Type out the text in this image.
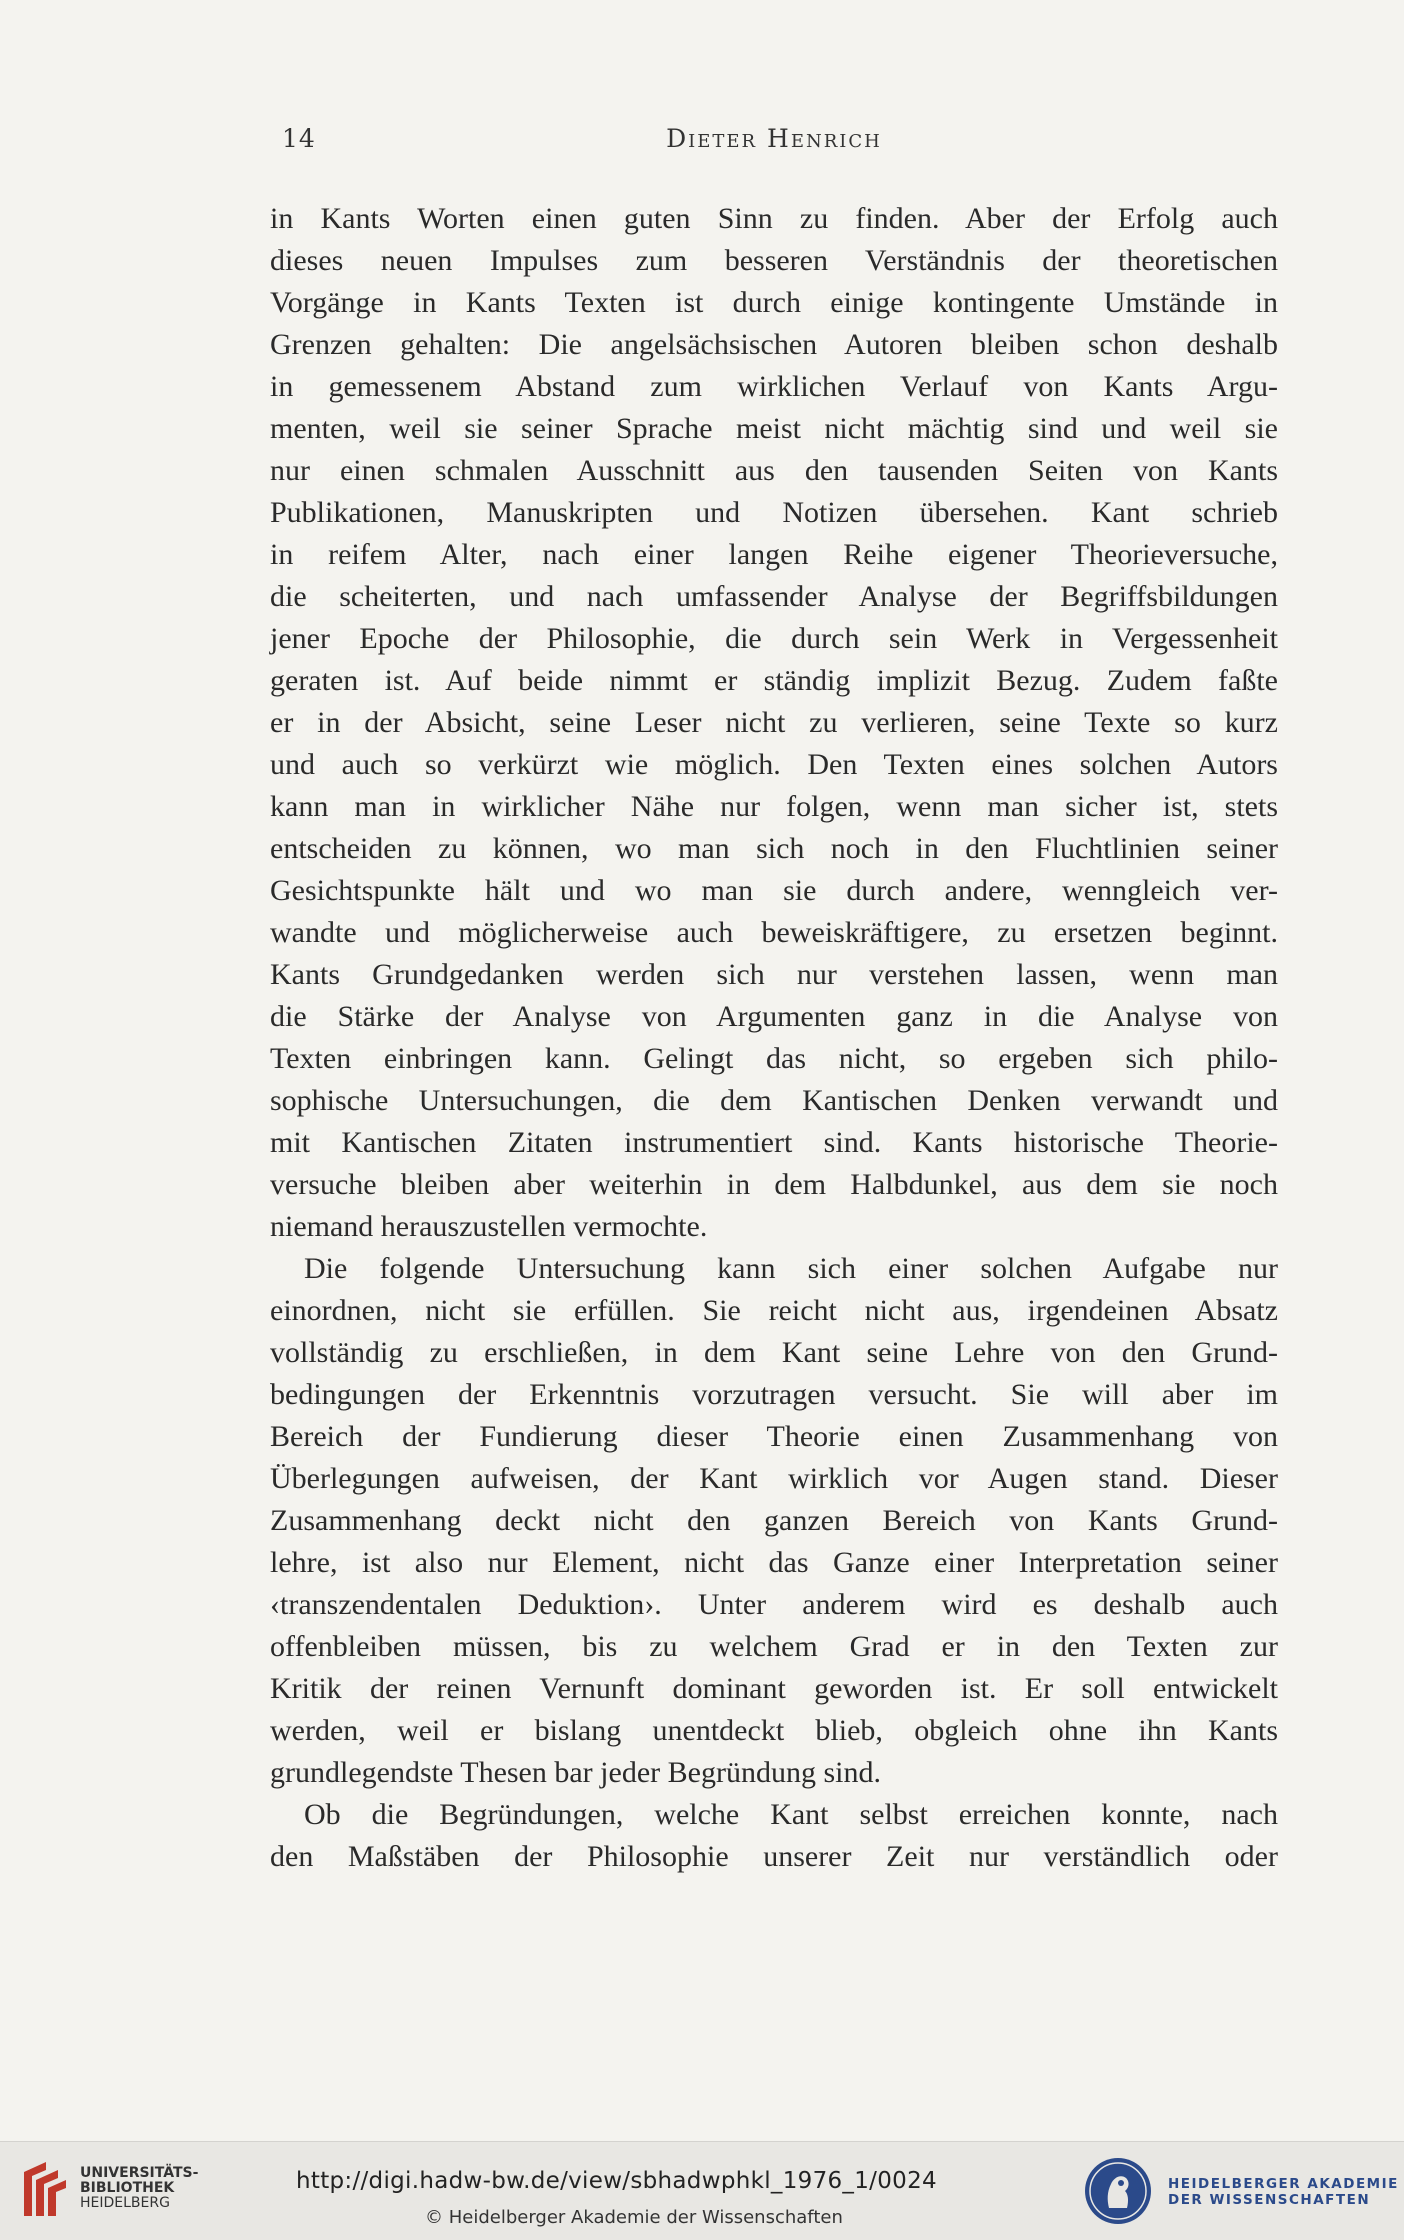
14	Dieter Henrich
in Kants Worten einen guten Sinn zu finden. Aber der Erfolg auch
dieses neuen Impulses zum besseren Verständnis der theoretischen
Vorgänge in Kants Texten ist durch einige kontingente Umstände in
Grenzen gehalten: Die angelsächsischen Autoren bleiben schon deshalb
in gemessenem Abstand zum wirklichen Verlauf von Kants Argu-
menten, weil sie seiner Sprache meist nicht mächtig sind und weil sie
nur einen schmalen Ausschnitt aus den tausenden Seiten von Kants
Publikationen, Manuskripten und Notizen übersehen. Kant schrieb
in reifem Alter, nach einer langen Reihe eigener Theorieversuche,
die scheiterten, und nach umfassender Analyse der Begriffsbildungen
jener Epoche der Philosophie, die durch sein Werk in Vergessenheit
geraten ist. Auf beide nimmt er ständig implizit Bezug. Zudem faßte
er in der Absicht, seine Leser nicht zu verlieren, seine Texte so kurz
und auch so verkürzt wie möglich. Den Texten eines solchen Autors
kann man in wirklicher Nähe nur folgen, wenn man sicher ist, stets
entscheiden zu können, wo man sich noch in den Fluchtlinien seiner
Gesichtspunkte hält und wo man sie durch andere, wenngleich ver-
wandte und möglicherweise auch beweiskräftigere, zu ersetzen beginnt.
Kants Grundgedanken werden sich nur verstehen lassen, wenn man
die Stärke der Analyse von Argumenten ganz in die Analyse von
Texten einbringen kann. Gelingt das nicht, so ergeben sich philo-
sophische Untersuchungen, die dem Kantischen Denken verwandt und
mit Kantischen Zitaten instrumentiert sind. Kants historische Theorie-
versuche bleiben aber weiterhin in dem Halbdunkel, aus dem sie noch
niemand herauszustellen vermochte.
Die folgende Untersuchung kann sich einer solchen Aufgabe nur
einordnen, nicht sie erfüllen. Sie reicht nicht aus, irgendeinen Absatz
vollständig zu erschließen, in dem Kant seine Lehre von den Grund-
bedingungen der Erkenntnis vorzutragen versucht. Sie will aber im
Bereich der Fundierung dieser Theorie einen Zusammenhang von
Überlegungen aufweisen, der Kant wirklich vor Augen stand. Dieser
Zusammenhang deckt nicht den ganzen Bereich von Kants Grund-
lehre, ist also nur Element, nicht das Ganze einer Interpretation seiner
‹transzendentalen Deduktion›. Unter anderem wird es deshalb auch
offenbleiben müssen, bis zu welchem Grad er in den Texten zur
Kritik der reinen Vernunft dominant geworden ist. Er soll entwickelt
werden, weil er bislang unentdeckt blieb, obgleich ohne ihn Kants
grundlegendste Thesen bar jeder Begründung sind.
Ob die Begründungen, welche Kant selbst erreichen konnte, nach
den Maßstäben der Philosophie unserer Zeit nur verständlich oder
UNIVERSITÄTS-
BIBLIOTHEK
HEIDELBERG
http://digi.hadw-bw.de/view/sbhadwphkl_1976_1/0024
© Heidelberger Akademie der Wissenschaften
HEIDELBERGER AKADEMIE
DER WISSENSCHAFTEN
